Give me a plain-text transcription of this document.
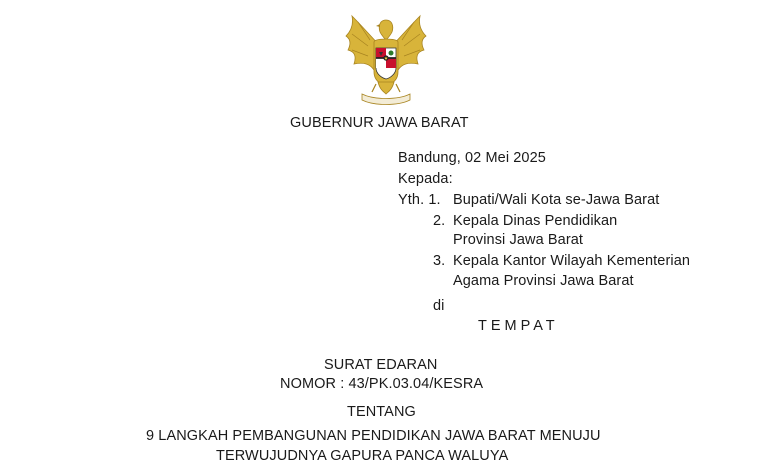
GUBERNUR JAWA BARAT
Bandung, 02 Mei 2025
Kepada:
Yth. 1. Bupati/Wali Kota se-Jawa Barat
2. Kepala Dinas Pendidikan
Provinsi Jawa Barat
3. Kepala Kantor Wilayah Kementerian
Agama Provinsi Jawa Barat
di
TEMPAT
SURAT EDARAN
NOMOR : 43/PK.03.04/KESRA
TENTANG
9 LANGKAH PEMBANGUNAN PENDIDIKAN JAWA BARAT MENUJU
TERWUJUDNYA GAPURA PANCA WALUYA
